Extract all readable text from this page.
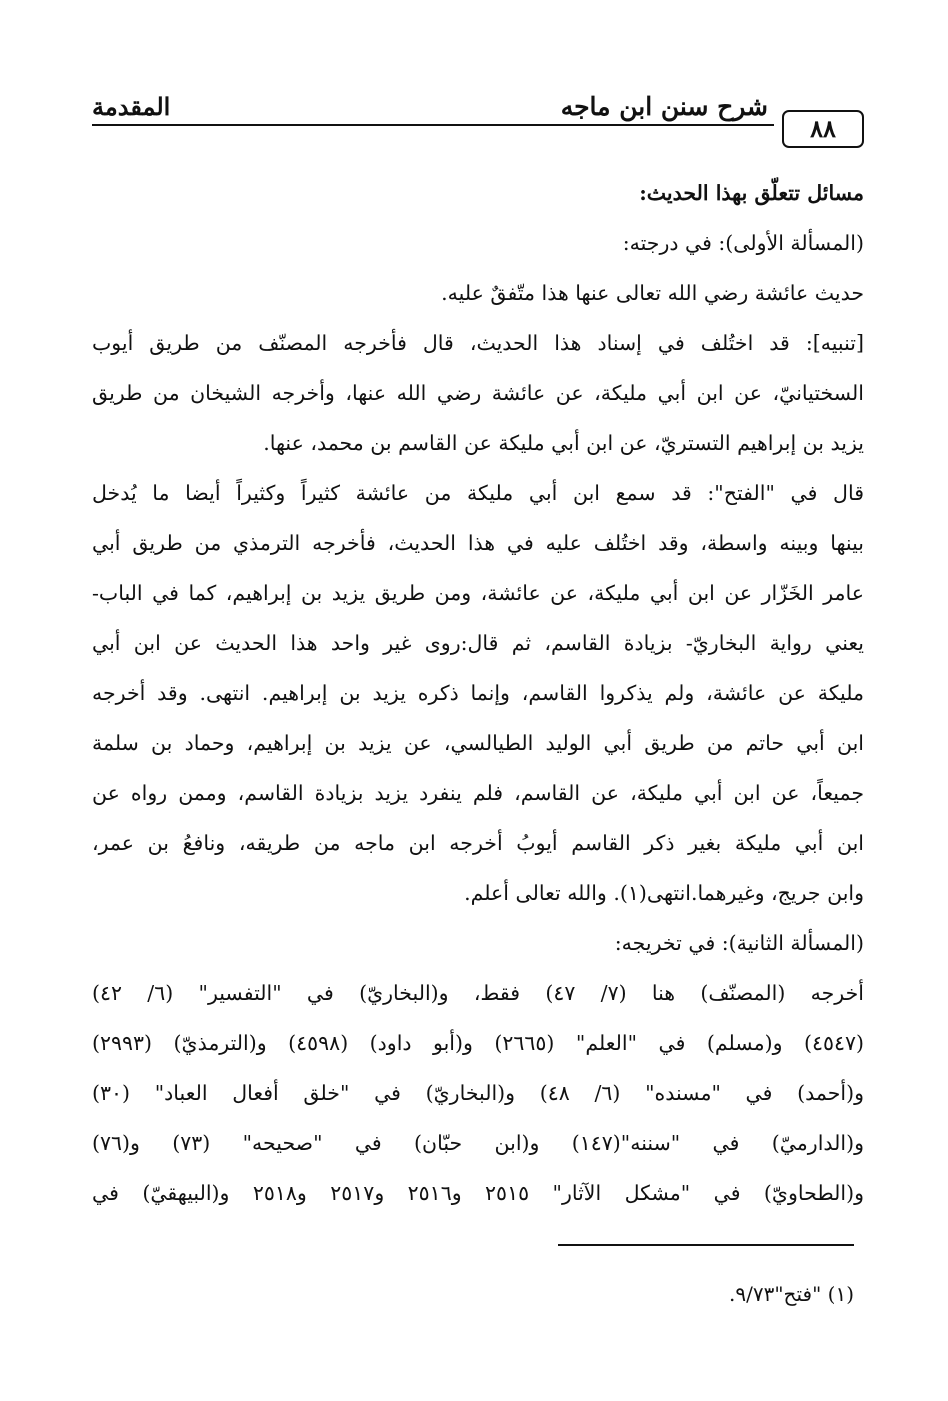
المقدمة	شرح سنن ابن ماجه
٨٨
مسائل تتعلّق بهذا الحديث:
(المسألة الأولى): في درجته:
حديث عائشة رضي الله تعالى عنها هذا متّفقٌ عليه.
[تنبيه]: قد اختُلف في إسناد هذا الحديث، قال فأخرجه المصنّف من طريق أيوب
السختيانيّ، عن ابن أبي مليكة، عن عائشة رضي الله عنها، وأخرجه الشيخان من طريق
يزيد بن إبراهيم التستريّ، عن ابن أبي مليكة عن القاسم بن محمد، عنها.
قال في "الفتح": قد سمع ابن أبي مليكة من عائشة كثيراً وكثيراً أيضا ما يُدخل
بينها وبينه واسطة، وقد اختُلف عليه في هذا الحديث، فأخرجه الترمذي من طريق أبي
عامر الخَزّار عن ابن أبي مليكة، عن عائشة، ومن طريق يزيد بن إبراهيم، كما في الباب-
يعني رواية البخاريّ- بزيادة القاسم، ثم قال:روى غير واحد هذا الحديث عن ابن أبي
مليكة عن عائشة، ولم يذكروا القاسم، وإنما ذكره يزيد بن إبراهيم. انتهى. وقد أخرجه
ابن أبي حاتم من طريق أبي الوليد الطيالسي، عن يزيد بن إبراهيم، وحماد بن سلمة
جميعاً، عن ابن أبي مليكة، عن القاسم، فلم ينفرد يزيد بزيادة القاسم، وممن رواه عن
ابن أبي مليكة بغير ذكر القاسم أيوبُ أخرجه ابن ماجه من طريقه، ونافعُ بن عمر،
وابن جريج، وغيرهما.انتهى(١). والله تعالى أعلم.
(المسألة الثانية): في تخريجه:
أخرجه (المصنّف) هنا (٧/ ٤٧) فقط، و(البخاريّ) في "التفسير" (٦/ ٤٢)
(٤٥٤٧) و(مسلم) في "العلم" (٢٦٦٥) و(أبو داود) (٤٥٩٨) و(الترمذيّ) (٢٩٩٣)
و(أحمد) في "مسنده" (٦/ ٤٨) و(البخاريّ) في "خلق أفعال العباد" (٣٠)
و(الدارميّ) في "سننه"(١٤٧) و(ابن حبّان) في "صحيحه" (٧٣) و(٧٦)
و(الطحاويّ) في "مشكل الآثار" ٢٥١٥ و٢٥١٦ و٢٥١٧ و٢٥١٨ و(البيهقيّ) في
(١) "فتح"٩/٧٣.
